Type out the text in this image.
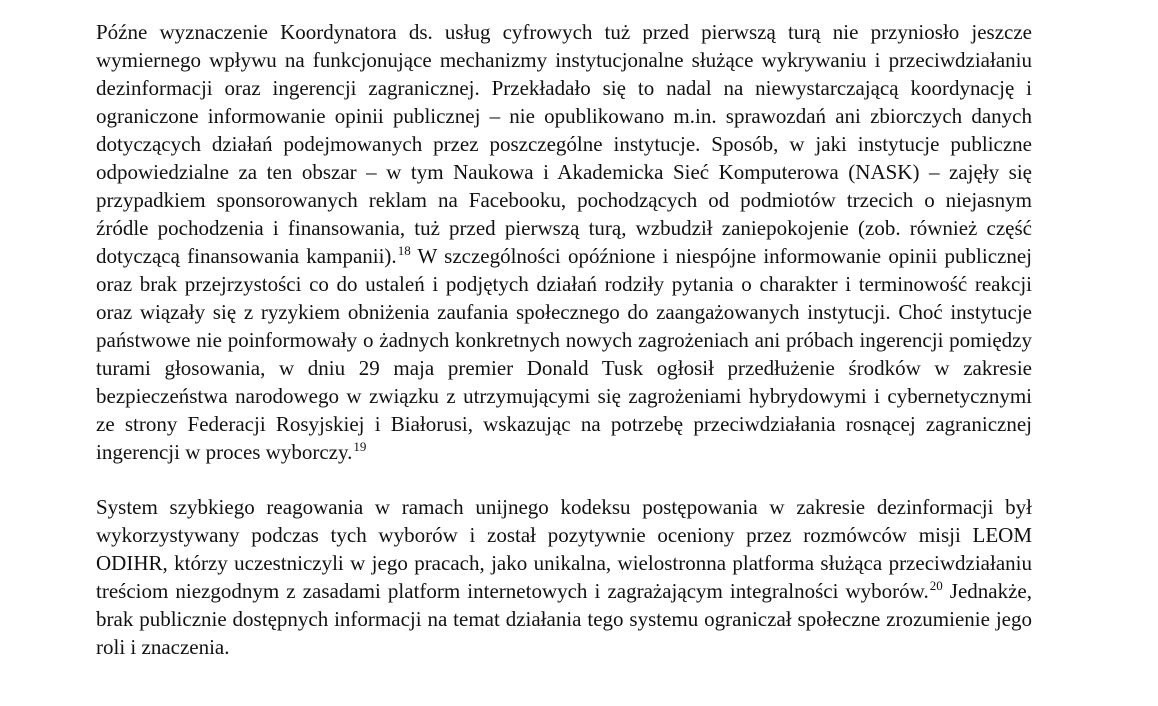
Późne wyznaczenie Koordynatora ds. usług cyfrowych tuż przed pierwszą turą nie przyniosło jeszcze wymiernego wpływu na funkcjonujące mechanizmy instytucjonalne służące wykrywaniu i przeciwdziałaniu dezinformacji oraz ingerencji zagranicznej. Przekładało się to nadal na niewystarczającą koordynację i ograniczone informowanie opinii publicznej – nie opublikowano m.in. sprawozdań ani zbiorczych danych dotyczących działań podejmowanych przez poszczególne instytucje. Sposób, w jaki instytucje publiczne odpowiedzialne za ten obszar – w tym Naukowa i Akademicka Sieć Komputerowa (NASK) – zajęły się przypadkiem sponsorowanych reklam na Facebooku, pochodzących od podmiotów trzecich o niejasnym źródle pochodzenia i finansowania, tuż przed pierwszą turą, wzbudził zaniepokojenie (zob. również część dotyczącą finansowania kampanii).$^{18}$ W szczególności opóźnione i niespójne informowanie opinii publicznej oraz brak przejrzystości co do ustaleń i podjętych działań rodziły pytania o charakter i terminowość reakcji oraz wiązały się z ryzykiem obniżenia zaufania społecznego do zaangażowanych instytucji. Choć instytucje państwowe nie poinformowały o żadnych konkretnych nowych zagrożeniach ani próbach ingerencji pomiędzy turami głosowania, w dniu 29 maja premier Donald Tusk ogłosił przedłużenie środków w zakresie bezpieczeństwa narodowego w związku z utrzymującymi się zagrożeniami hybrydowymi i cybernetycznymi ze strony Federacji Rosyjskiej i Białorusi, wskazując na potrzebę przeciwdziałania rosnącej zagranicznej ingerencji w proces wyborczy.$^{19}$

System szybkiego reagowania w ramach unijnego kodeksu postępowania w zakresie dezinformacji był wykorzystywany podczas tych wyborów i został pozytywnie oceniony przez rozmówców misji LEOM ODIHR, którzy uczestniczyli w jego pracach, jako unikalna, wielostronna platforma służąca przeciwdziałaniu treściom niezgodnym z zasadami platform internetowych i zagrażającym integralności wyborów.$^{20}$ Jednakże, brak publicznie dostępnych informacji na temat działania tego systemu ograniczał społeczne zrozumienie jego roli i znaczenia.
